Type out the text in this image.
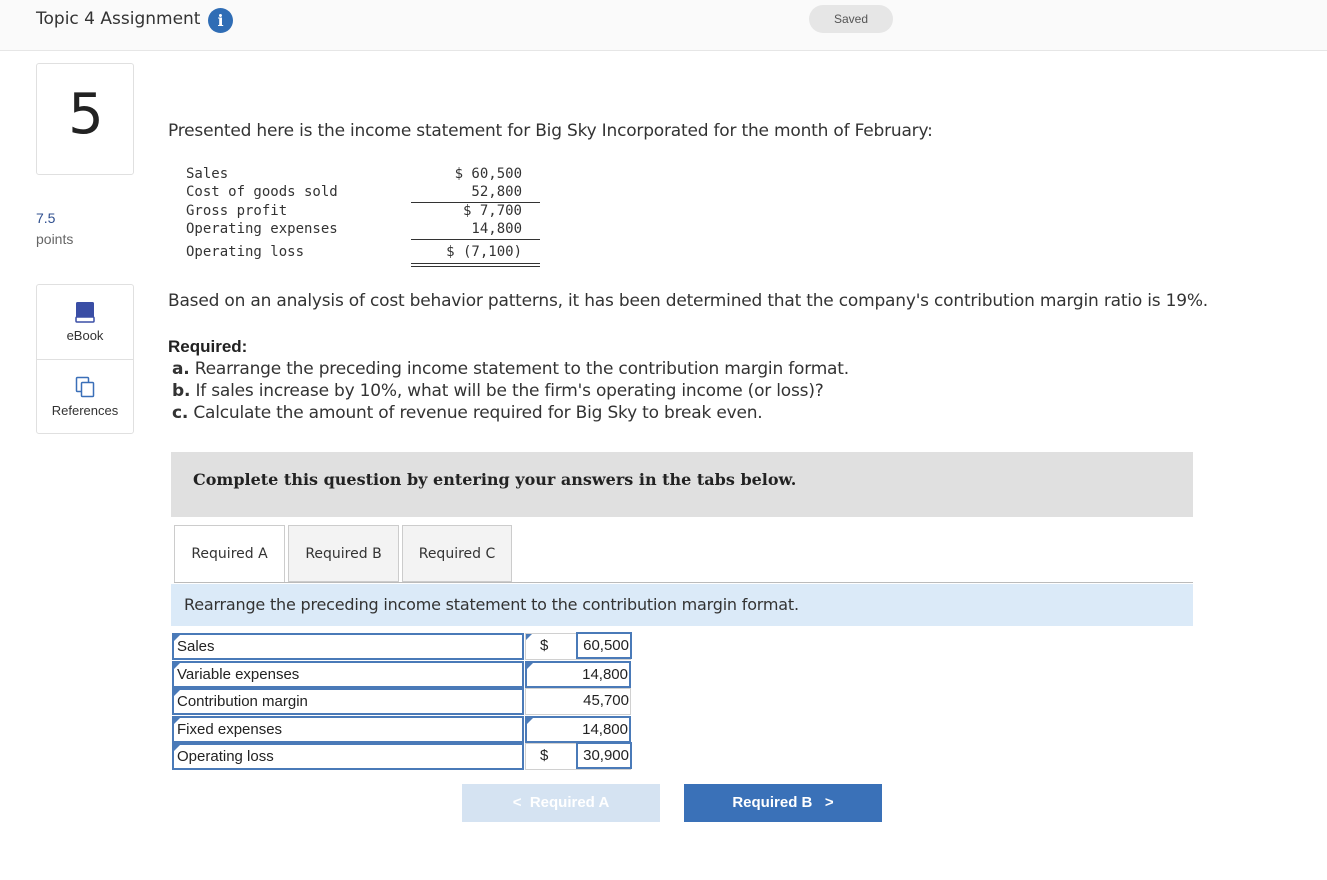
Topic 4 Assignment	i	Saved
5
7.5
points
eBook
References
Presented here is the income statement for Big Sky Incorporated for the month of February:
Sales	$ 60,500
Cost of goods sold	52,800
Gross profit	$ 7,700
Operating expenses	14,800
Operating loss	$ (7,100)
Based on an analysis of cost behavior patterns, it has been determined that the company's contribution margin ratio is 19%.
Required:
a. Rearrange the preceding income statement to the contribution margin format.
b. If sales increase by 10%, what will be the firm's operating income (or loss)?
c. Calculate the amount of revenue required for Big Sky to break even.
Complete this question by entering your answers in the tabs below.
Required A	Required B	Required C
Rearrange the preceding income statement to the contribution margin format.
Sales	$ 60,500
Variable expenses	14,800
Contribution margin	45,700
Fixed expenses	14,800
Operating loss	$ 30,900
< Required A	Required B >
